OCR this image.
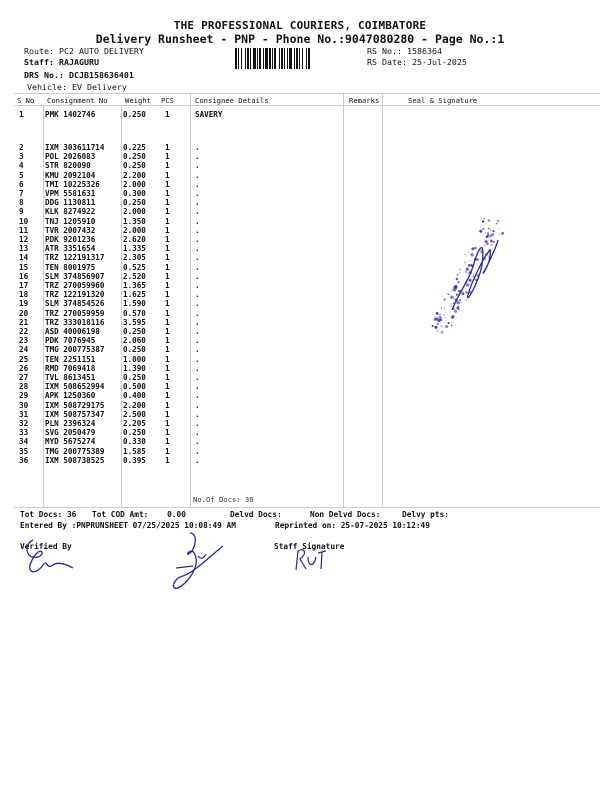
THE PROFESSIONAL COURIERS, COIMBATORE
Delivery Runsheet - PNP - Phone No.:9047080280 - Page No.:1
Route: PC2 AUTO DELIVERY
Staff: RAJAGURU
DRS No.: DCJB158636401
Vehicle: EV Delivery
RS No.: 1586364
RS Date: 25-Jul-2025
S No Consignment No Weight PCS	Consignee Details	Remarks	Seal & Signature
1	PMK 1402746	0.250	1	SAVERY
2	IXM 303611714 0.225	1	.
3	POL 2026083	0.250	1	.
4	STR 820090	0.250	1	.
5	KMU 2092104	2.200	1	.
6	TMI 10225326	2.000	1	.
7	VPM 5581631	0.300	1	.
8	DDG 1130811	0.250	1	.
9	KLK 8274922	2.000	1	.
10 TNJ 1205910	1.350	1	.
11 TVR 2007432	2.000	1	.
12 PDK 9201236	2.620	1	.
13 ATR 3351654	1.335	1	.
14 TRZ 122191317 2.305	1	.
15 TEN 8001975	0.525	1	.
16 SLM 374856907 2.520	1	.
17 TRZ 270059960 1.365	1	.
18 TRZ 122191320 1.625	1	.
19 SLM 374854526 1.590	1	.
20 TRZ 270059959 0.570	1	.
21 TRZ 333018116 3.595	1	.
22 ASD 40006198	0.250	1	.
23 PDK 7076945	2.060	1	.
24 TMG 200775387 0.250	1	.
25 TEN 2251151	1.000	1	.
26 RMD 7069418	1.390	1	.
27 TVL 8613451	0.250	1	.
28 IXM 508652994 0.500	1	.
29 APK 1250360	0.400	1	.
30 IXM 508729175 2.200	1	.
31 IXM 508757347 2.500	1	.
32 PLN 2396324	2.205	1	.
33 SVG 2050479	0.250	1	.
34 MYD 5675274	0.330	1	.
35 TMG 200775389 1.585	1	.
36 IXM 508738525 0.395	1	.
No.Of Docs: 36
Tot Docs: 36 Tot COD Amt:    0.00	Delvd Docs:	Non Delvd Docs:	Delvy pts:
Entered By :PNPRUNSHEET 07/25/2025 10:08:49 AM	Reprinted on: 25-07-2025 10:12:49
Verified By	Staff Signature
